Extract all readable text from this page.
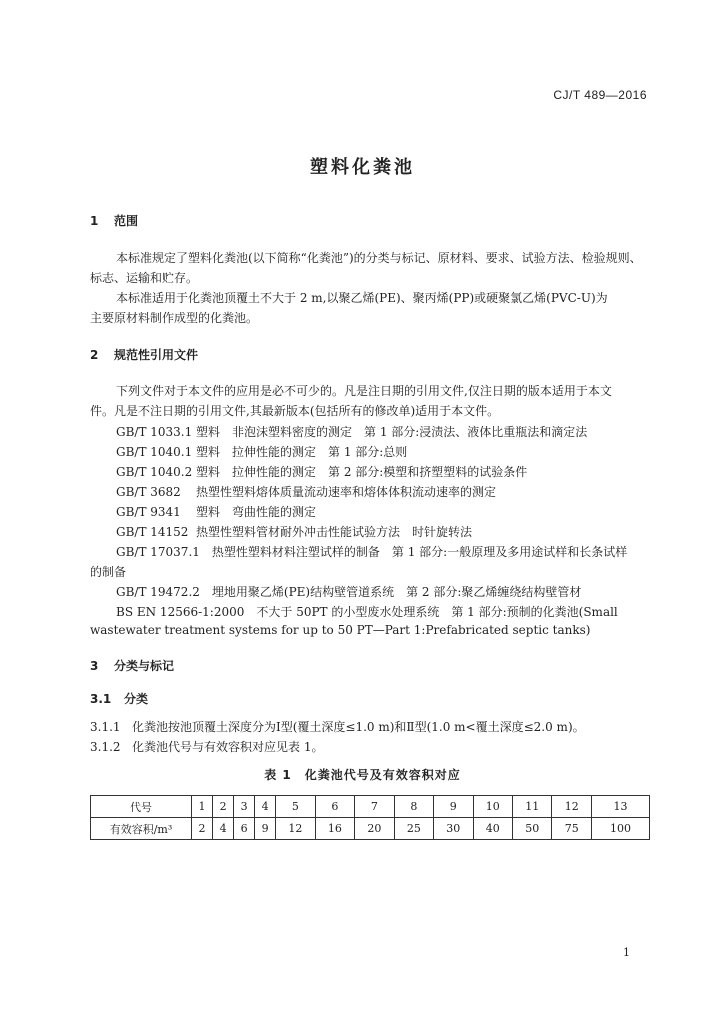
CJ/T 489—2016
塑料化粪池
1 范围
本标准规定了塑料化粪池(以下简称“化粪池”)的分类与标记、原材料、要求、试验方法、检验规则、
标志、运输和贮存。
本标准适用于化粪池顶覆土不大于 2 m,以聚乙烯(PE)、聚丙烯(PP)或硬聚氯乙烯(PVC-U)为
主要原材料制作成型的化粪池。
2 规范性引用文件
下列文件对于本文件的应用是必不可少的。凡是注日期的引用文件,仅注日期的版本适用于本文
件。凡是不注日期的引用文件,其最新版本(包括所有的修改单)适用于本文件。
GB/T 1033.1 塑料　非泡沫塑料密度的测定　第 1 部分:浸渍法、液体比重瓶法和滴定法
GB/T 1040.1 塑料　拉伸性能的测定　第 1 部分:总则
GB/T 1040.2 塑料　拉伸性能的测定　第 2 部分:模塑和挤塑塑料的试验条件
GB/T 3682 热塑性塑料熔体质量流动速率和熔体体积流动速率的测定
GB/T 9341 塑料　弯曲性能的测定
GB/T 14152 热塑性塑料管材耐外冲击性能试验方法　时针旋转法
GB/T 17037.1　热塑性塑料材料注塑试样的制备　第 1 部分:一般原理及多用途试样和长条试样
的制备
GB/T 19472.2　埋地用聚乙烯(PE)结构壁管道系统　第 2 部分:聚乙烯缠绕结构壁管材
BS EN 12566-1:2000　不大于 50PT 的小型废水处理系统　第 1 部分:预制的化粪池(Small
wastewater treatment systems for up to 50 PT—Part 1:Prefabricated septic tanks)
3 分类与标记
3.1 分类
3.1.1 化粪池按池顶覆土深度分为Ⅰ型(覆土深度≤1.0 m)和Ⅱ型(1.0 m<覆土深度≤2.0 m)。
3.1.2 化粪池代号与有效容积对应见表 1。
表 1　化粪池代号及有效容积对应
代号	1	2	3	4	5	6	7	8	9	10	11	12	13
有效容积/m³	2	4	6	9	12	16	20	25	30	40	50	75	100
1
